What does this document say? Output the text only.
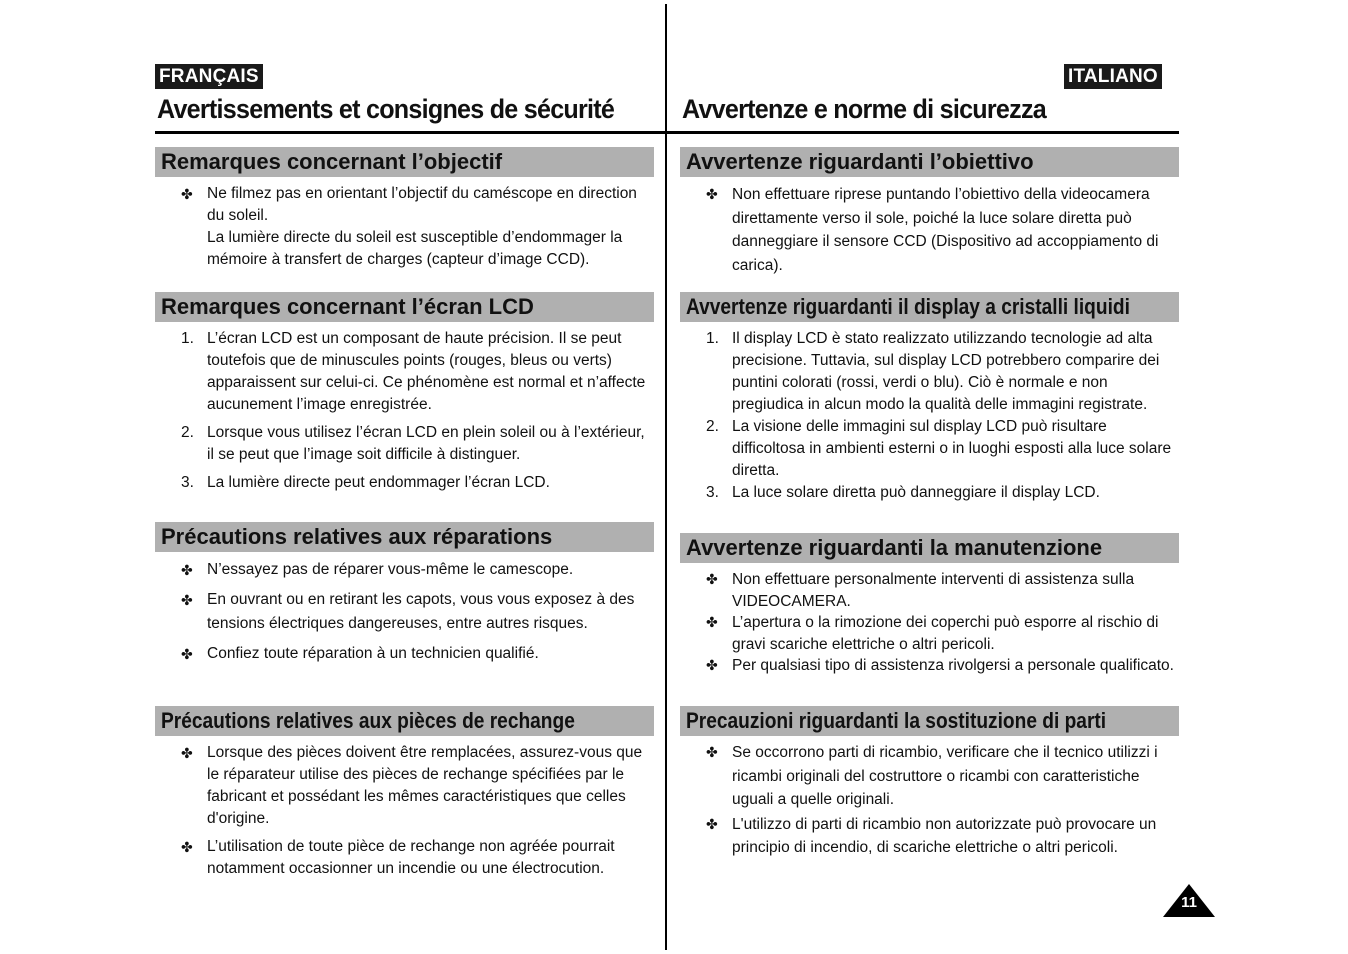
FRANÇAIS
Avertissements et consignes de sécurité
Remarques concernant l’objectif
✤ Ne filmez pas en orientant l’objectif du caméscope en direction du soleil.

La lumière directe du soleil est susceptible d’endommager la mémoire à transfert de charges (capteur d’image CCD).

Remarques concernant l’écran LCD
1. L’écran LCD est un composant de haute précision. Il se peut toutefois que de minuscules points (rouges, bleus ou verts) apparaissent sur celui-ci. Ce phénomène est normal et n’affecte aucunement l’image enregistrée.

2. Lorsque vous utilisez l’écran LCD en plein soleil ou à l’extérieur, il se peut que l’image soit difficile à distinguer.

3. La lumière directe peut endommager l’écran LCD.

Précautions relatives aux réparations
✤ N’essayez pas de réparer vous-même le camescope.

✤ En ouvrant ou en retirant les capots, vous vous exposez à des tensions électriques dangereuses, entre autres risques.

✤ Confiez toute réparation à un technicien qualifié.

Précautions relatives aux pièces de rechange
✤ Lorsque des pièces doivent être remplacées, assurez-vous que le réparateur utilise des pièces de rechange spécifiées par le fabricant et possédant les mêmes caractéristiques que celles d'origine.

✤ L’utilisation de toute pièce de rechange non agréée pourrait notamment occasionner un incendie ou une électrocution.

ITALIANO
Avvertenze e norme di sicurezza
Avvertenze riguardanti l’obiettivo
✤ Non effettuare riprese puntando l’obiettivo della videocamera direttamente verso il sole, poiché la luce solare diretta può danneggiare il sensore CCD (Dispositivo ad accoppiamento di carica).

Avvertenze riguardanti il display a cristalli liquidi
1. Il display LCD è stato realizzato utilizzando tecnologie ad alta precisione. Tuttavia, sul display LCD potrebbero comparire dei puntini colorati (rossi, verdi o blu). Ciò è normale e non pregiudica in alcun modo la qualità delle immagini registrate.

2. La visione delle immagini sul display LCD può risultare difficoltosa in ambienti esterni o in luoghi esposti alla luce solare diretta.

3. La luce solare diretta può danneggiare il display LCD.

Avvertenze riguardanti la manutenzione
✤ Non effettuare personalmente interventi di assistenza sulla VIDEOCAMERA.

✤ L’apertura o la rimozione dei coperchi può esporre al rischio di gravi scariche elettriche o altri pericoli.

✤ Per qualsiasi tipo di assistenza rivolgersi a personale qualificato.

Precauzioni riguardanti la sostituzione di parti
✤ Se occorrono parti di ricambio, verificare che il tecnico utilizzi i ricambi originali del costruttore o ricambi con caratteristiche uguali a quelle originali.

✤ L'utilizzo di parti di ricambio non autorizzate può provocare un principio di incendio, di scariche elettriche o altri pericoli.

11
